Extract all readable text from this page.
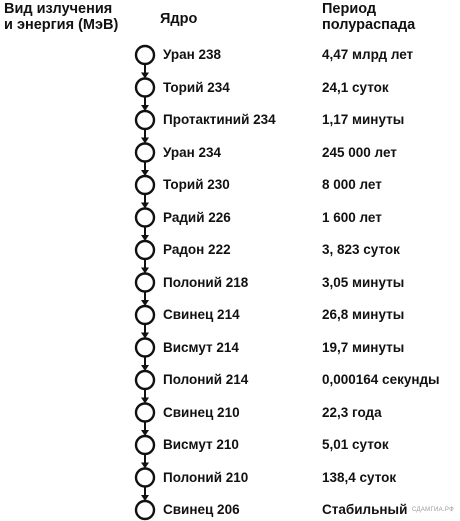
Вид излучения
и энергия (МэВ)	Ядро
Период
полураспада
Уран 238	4,47 млрд лет
Торий 234	24,1 суток
Протактиний 234	1,17 минуты
Уран 234	245 000 лет
Торий 230	8 000 лет
Радий 226	1 600 лет
Радон 222	3, 823 суток
Полоний 218	3,05 минуты
Свинец 214	26,8 минуты
Висмут 214	19,7 минуты
Полоний 214	0,000164 секунды
Свинец 210	22,3 года
Висмут 210	5,01 суток
Полоний 210	138,4 суток
Свинец 206	Стабильный СДАМГИА.РФ
